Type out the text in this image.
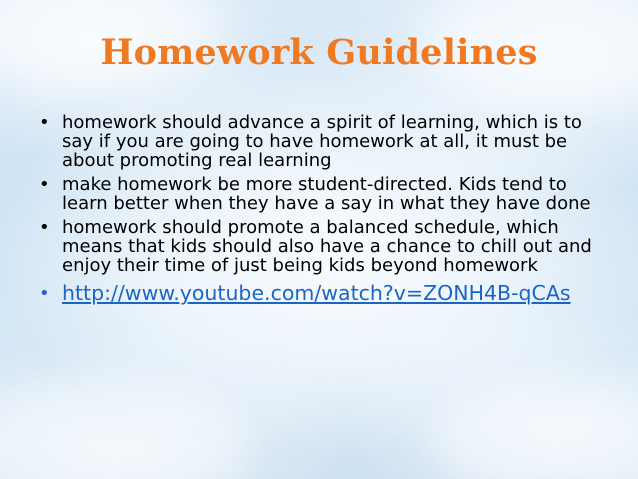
Homework Guidelines
• homework should advance a spirit of learning, which is to say if you are going to have homework at all, it must be about promoting real learning
• make homework be more student-directed. Kids tend to learn better when they have a say in what they have done
• homework should promote a balanced schedule, which means that kids should also have a chance to chill out and enjoy their time of just being kids beyond homework
• http://www.youtube.com/watch?v=ZONH4B-qCAs
